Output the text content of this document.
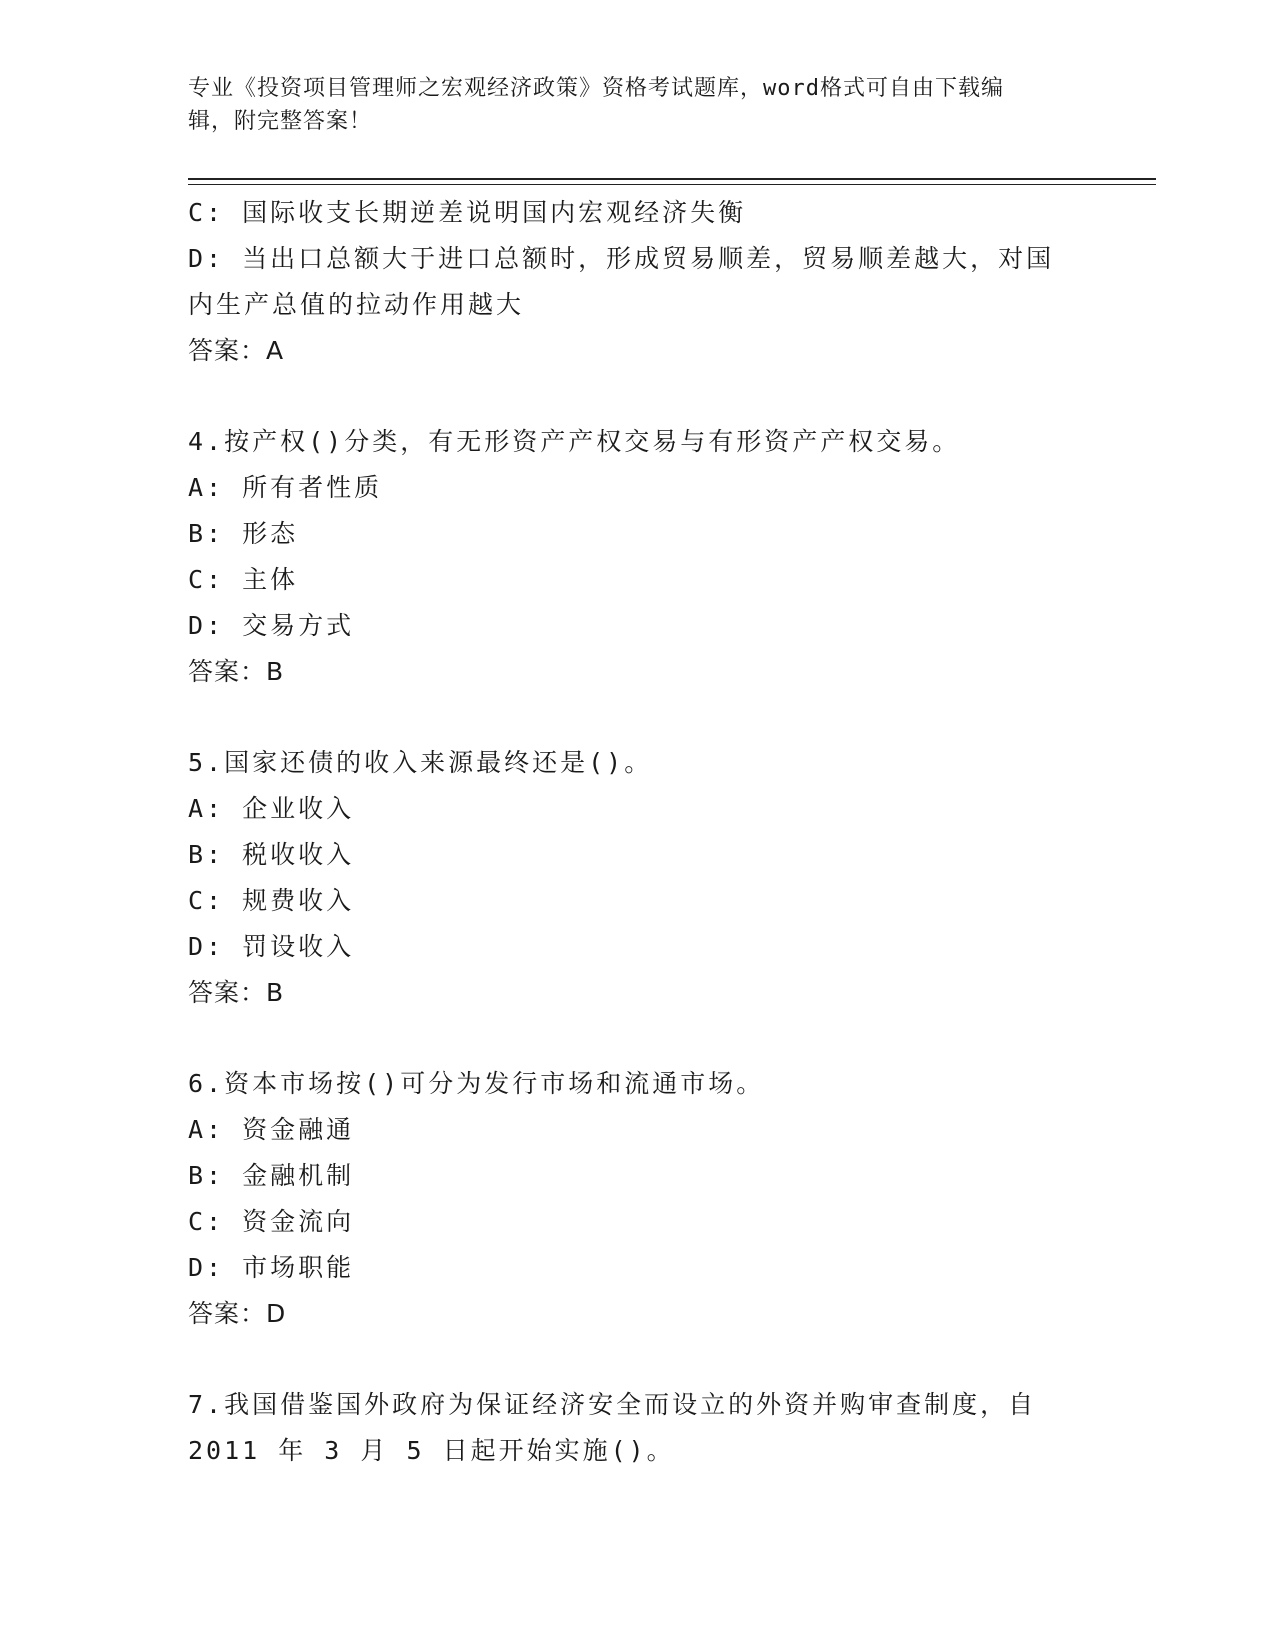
专业《投资项目管理师之宏观经济政策》资格考试题库，word格式可自由下载编
辑，附完整答案！

C: 国际收支长期逆差说明国内宏观经济失衡

D: 当出口总额大于进口总额时，形成贸易顺差，贸易顺差越大，对国

内生产总值的拉动作用越大

答案：A

4.按产权()分类，有无形资产产权交易与有形资产产权交易。

A: 所有者性质

B: 形态

C: 主体

D: 交易方式

答案：B

5.国家还债的收入来源最终还是()。

A: 企业收入

B: 税收收入

C: 规费收入

D: 罚设收入

答案：B

6.资本市场按()可分为发行市场和流通市场。

A: 资金融通

B: 金融机制

C: 资金流向

D: 市场职能

答案：D

7.我国借鉴国外政府为保证经济安全而设立的外资并购审查制度，自

2011 年 3 月 5 日起开始实施()。
